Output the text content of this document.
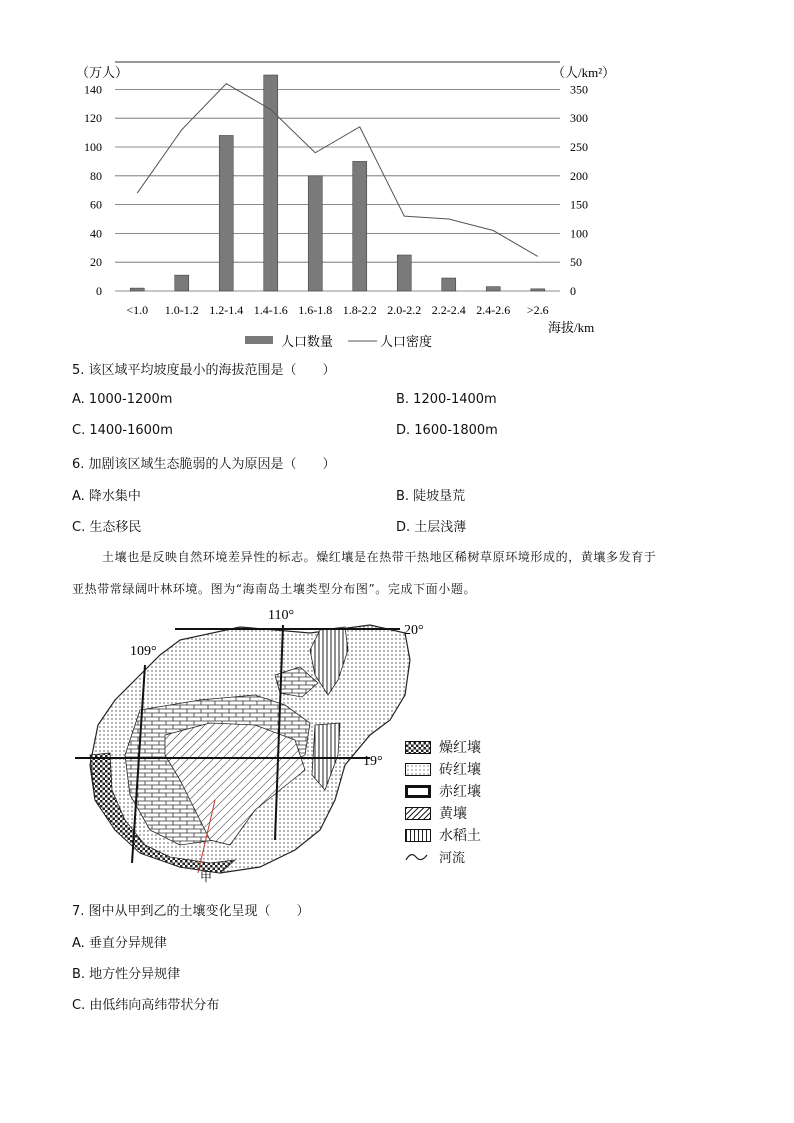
（万人）	（人/km²）
0
20
40
60
80
100
120
140
0
50
100
150
200
250
300
350
<1.0 1.0-1.2 1.2-1.4 1.4-1.6 1.6-1.8 1.8-2.2 2.0-2.2 2.2-2.4 2.4-2.6 >2.6
海拔/km
人口数量	人口密度
5. 该区域平均坡度最小的海拔范围是（　　）
A. 1000-1200m	B. 1200-1400m
C. 1400-1600m	D. 1600-1800m
6. 加剧该区域生态脆弱的人为原因是（　　）
A. 降水集中	B. 陡坡垦荒
C. 生态移民	D. 土层浅薄
土壤也是反映自然环境差异性的标志。燥红壤是在热带干热地区稀树草原环境形成的，黄壤多发育于
亚热带常绿阔叶林环境。图为“海南岛土壤类型分布图”。完成下面小题。
110°
109°
20°
19°
甲
燥红壤
砖红壤
赤红壤
黄壤
水稻土
河流
7. 图中从甲到乙的土壤变化呈现（　　）
A. 垂直分异规律
B. 地方性分异规律
C. 由低纬向高纬带状分布
